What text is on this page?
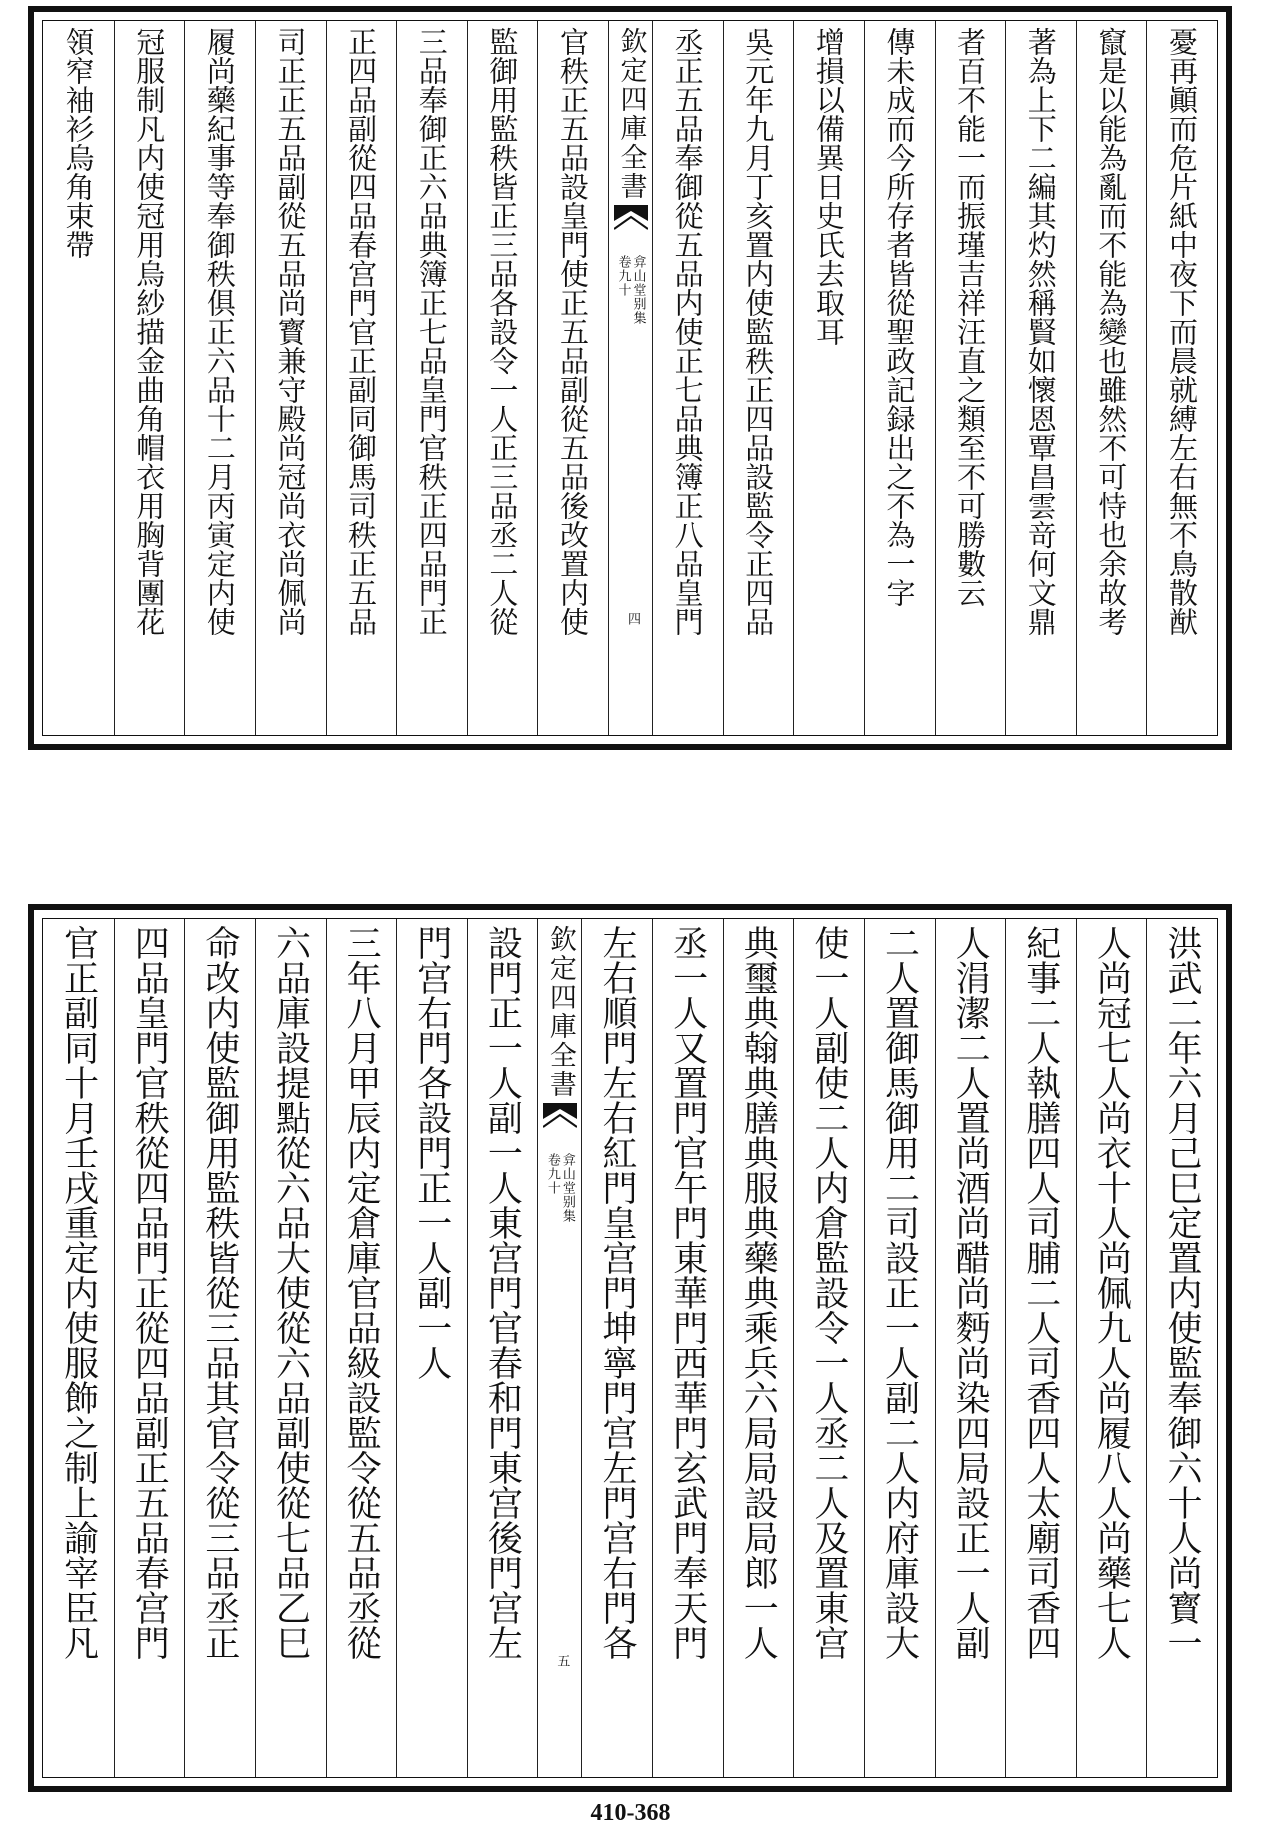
憂再顚而危片紙中夜下而晨就縛左右無不鳥散猷
竄是以能為亂而不能為變也雖然不可恃也余故考
著為上下二編其灼然稱賢如懷恩覃昌雲竒何文鼎
者百不能一而振瑾吉祥汪直之類至不可勝數云
傳未成而今所存者皆從聖政記録出之不為一字
增損以備異日史氏去取耳
吳元年九月丁亥置内使監秩正四品設監令正四品
丞正五品奉御從五品内使正七品典簿正八品皇門
欽定四庫全書
弇山堂别集
卷九十
四
官秩正五品設皇門使正五品副從五品後改置内使
監御用監秩皆正三品各設令一人正三品丞二人從
三品奉御正六品典簿正七品皇門官秩正四品門正
正四品副從四品春宫門官正副同御馬司秩正五品
司正正五品副從五品尚寳兼守殿尚冠尚衣尚佩尚
履尚藥紀事等奉御秩俱正六品十二月丙寅定内使
冠服制凡内使冠用烏紗描金曲角帽衣用胸背團花
領窄袖衫烏角束帶
洪武二年六月己巳定置内使監奉御六十人尚寳一
人尚冠七人尚衣十人尚佩九人尚履八人尚藥七人
紀事二人執膳四人司脯二人司香四人太廟司香四
人涓潔二人置尚酒尚醋尚麪尚染四局設正一人副
二人置御馬御用二司設正一人副二人内府庫設大
使一人副使二人内倉監設令一人丞二人及置東宫
典璽典翰典膳典服典藥典乘兵六局局設局郎一人
丞一人又置門官午門東華門西華門玄武門奉天門
左右順門左右紅門皇宫門坤寧門宫左門宫右門各
欽定四庫全書
弇山堂别集
卷九十
五
設門正一人副一人東宫門官春和門東宫後門宫左
門宫右門各設門正一人副一人
三年八月甲辰内定倉庫官品級設監令從五品丞從
六品庫設提點從六品大使從六品副使從七品乙巳
命改内使監御用監秩皆從三品其官令從三品丞正
四品皇門官秩從四品門正從四品副正五品春宫門
官正副同十月壬戌重定内使服飾之制上諭宰臣凡
410-368
